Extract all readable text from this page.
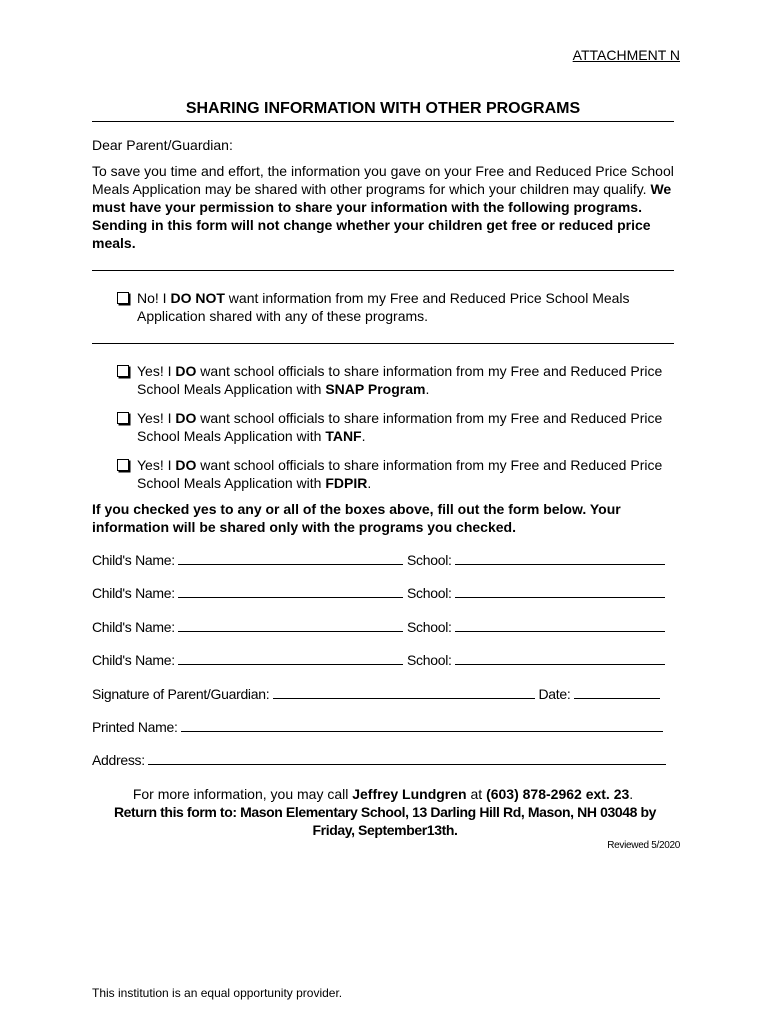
ATTACHMENT N
SHARING INFORMATION WITH OTHER PROGRAMS
Dear Parent/Guardian:
To save you time and effort, the information you gave on your Free and Reduced Price School Meals Application may be shared with other programs for which your children may qualify. We must have your permission to share your information with the following programs. Sending in this form will not change whether your children get free or reduced price meals.
No! I DO NOT want information from my Free and Reduced Price School Meals Application shared with any of these programs.
Yes! I DO want school officials to share information from my Free and Reduced Price School Meals Application with SNAP Program.
Yes! I DO want school officials to share information from my Free and Reduced Price School Meals Application with TANF.
Yes! I DO want school officials to share information from my Free and Reduced Price School Meals Application with FDPIR.
If you checked yes to any or all of the boxes above, fill out the form below. Your information will be shared only with the programs you checked.
Child's Name:	School:
Child's Name:	School:
Child's Name:	School:
Child's Name:	School:
Signature of Parent/Guardian:	Date:
Printed Name:
Address:
For more information, you may call Jeffrey Lundgren at (603) 878-2962 ext. 23.
Return this form to: Mason Elementary School, 13 Darling Hill Rd, Mason, NH 03048 by Friday, September13th.
Reviewed 5/2020
This institution is an equal opportunity provider.
